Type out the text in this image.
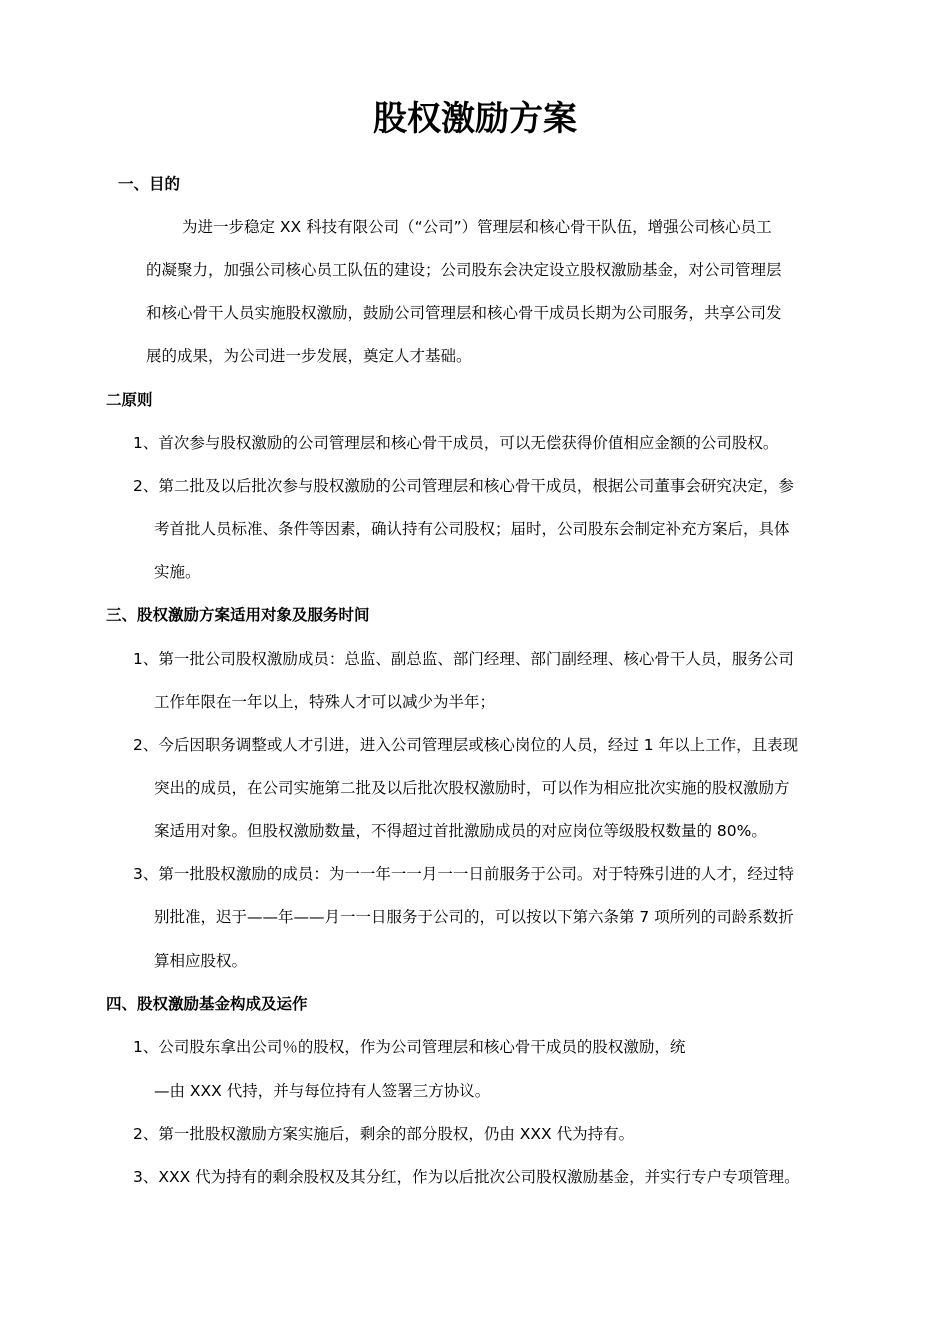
股权激励方案

一、目的

为进一步稳定 XX 科技有限公司（“公司”）管理层和核心骨干队伍，增强公司核心员工

的凝聚力，加强公司核心员工队伍的建设；公司股东会决定设立股权激励基金，对公司管理层

和核心骨干人员实施股权激励，鼓励公司管理层和核心骨干成员长期为公司服务，共享公司发

展的成果，为公司进一步发展，奠定人才基础。

二原则

1、首次参与股权激励的公司管理层和核心骨干成员，可以无偿获得价值相应金额的公司股权。

2、第二批及以后批次参与股权激励的公司管理层和核心骨干成员，根据公司董事会研究决定，参

考首批人员标准、条件等因素，确认持有公司股权；届时，公司股东会制定补充方案后，具体

实施。

三、股权激励方案适用对象及服务时间

1、第一批公司股权激励成员：总监、副总监、部门经理、部门副经理、核心骨干人员，服务公司

工作年限在一年以上，特殊人才可以减少为半年；

2、今后因职务调整或人才引进，进入公司管理层或核心岗位的人员，经过 1 年以上工作，且表现

突出的成员，在公司实施第二批及以后批次股权激励时，可以作为相应批次实施的股权激励方

案适用对象。但股权激励数量，不得超过首批激励成员的对应岗位等级股权数量的 80%。

3、第一批股权激励的成员：为一一年一一月一一日前服务于公司。对于特殊引进的人才，经过特

别批准，迟于——年——月一一日服务于公司的，可以按以下第六条第 7 项所列的司龄系数折

算相应股权。

四、股权激励基金构成及运作

1、公司股东拿出公司％的股权，作为公司管理层和核心骨干成员的股权激励，统

—由 XXX 代持，并与每位持有人签署三方协议。

2、第一批股权激励方案实施后，剩余的部分股权，仍由 XXX 代为持有。

3、XXX 代为持有的剩余股权及其分红，作为以后批次公司股权激励基金，并实行专户专项管理。
